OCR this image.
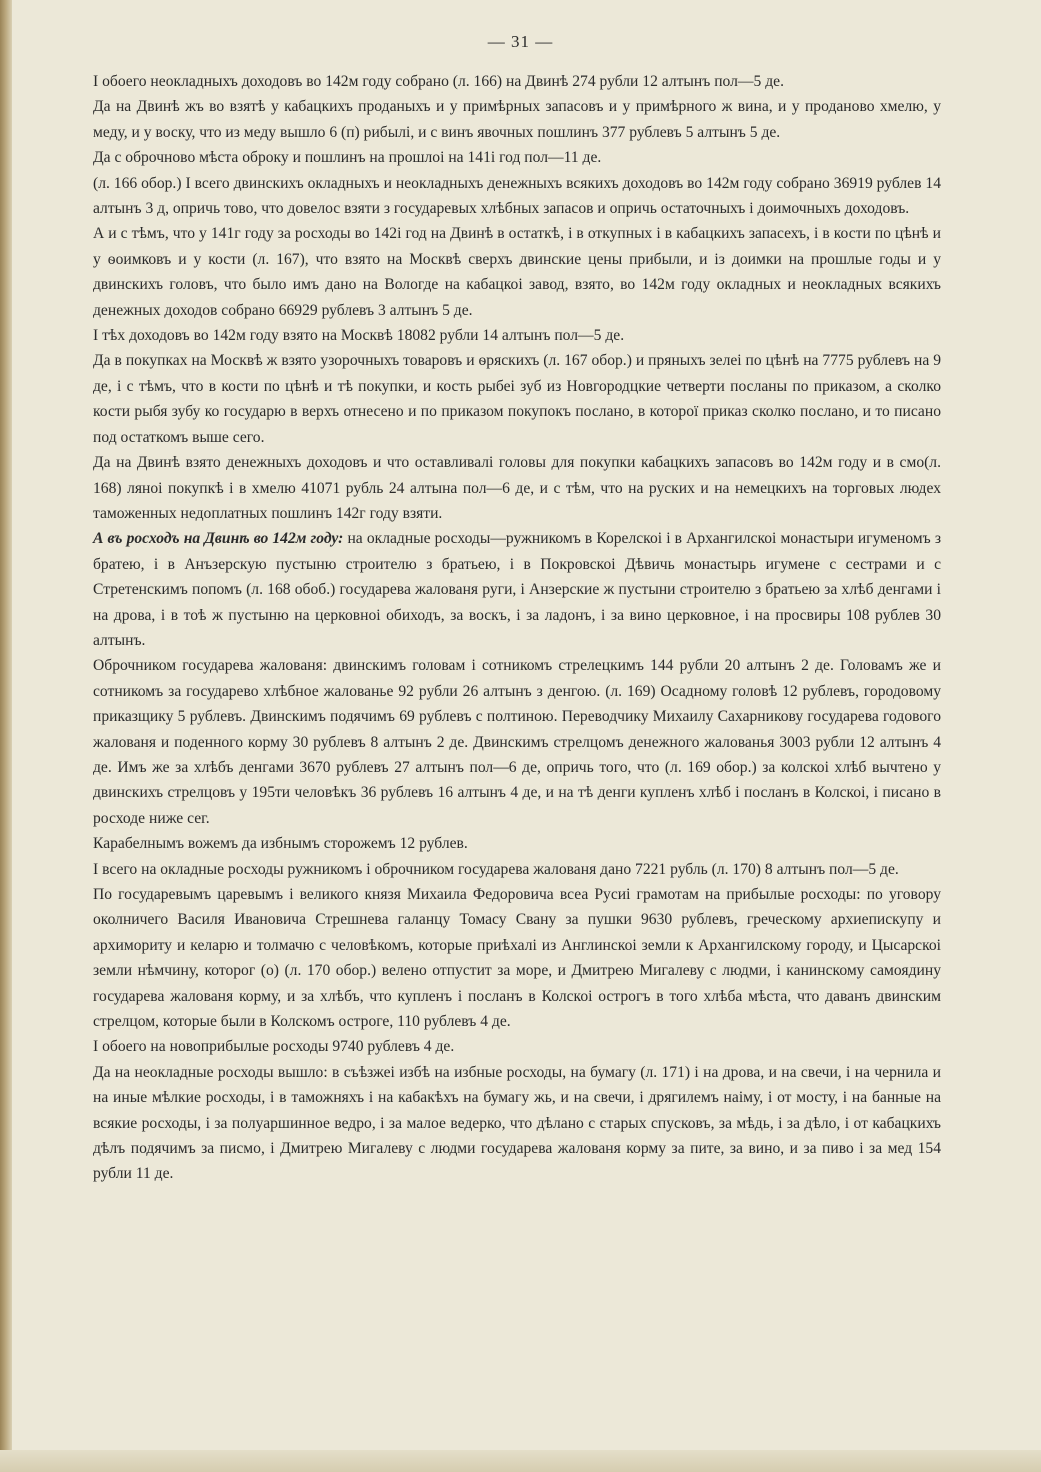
— 31 —

I обоего неокладныхъ доходовъ во 142м году собрано (л. 166) на Двинѣ 274 рубли 12 алтынъ пол—5 де.

Да на Двинѣ жъ во взятѣ у кабацкихъ проданыхъ и у примѣрных запасовъ и у примѣрного ж вина, и у проданово хмелю, у меду, и у воску, что из меду вышло 6 (п) рибылі, и с винъ явочных пошлинъ 377 рублевъ 5 алтынъ 5 де.

Да с оброчново мѣста оброку и пошлинъ на прошлоі на 141і год пол—11 де.

(л. 166 обор.) I всего двинскихъ окладныхъ и неокладныхъ денежныхъ всякихъ доходовъ во 142м году собрано 36919 рублев 14 алтынъ 3 д, опричь тово, что довелос взяти з государевых хлѣбных запасов и опричь остаточныхъ і доимочныхъ доходовъ.

А и с тѣмъ, что у 141г году за росходы во 142і год на Двинѣ в остаткѣ, і в откупных і в кабацкихъ запасехъ, і в кости по цѣнѣ и у ѳоимковъ и у кости (л. 167), что взято на Москвѣ сверхъ двинскиe цены прибыли, и із доимки на прошлые годы и у двинскихъ головъ, что было имъ дано на Вологде на кабацкоі завод, взято, во 142м году окладных и неокладных всякихъ денежных доходов собрано 66929 рублевъ 3 алтынъ 5 де.

I тѣх доходовъ во 142м году взято на Москвѣ 18082 рубли 14 алтынъ пол—5 де.

Да в покупках на Москвѣ ж взято узорочныхъ товаровъ и ѳряскихъ (л. 167 обор.) и пряныхъ зелеі по цѣнѣ на 7775 рублевъ на 9 де, і с тѣмъ, что в кости по цѣнѣ и тѣ покупки, и кость рыбеі зуб из Новгородцкие четверти посланы по приказом, а сколко кости рыбя зубу ко государю в верхъ отнесено и по приказом покупокъ послано, в которої приказ сколко послано, и то писано под остаткомъ выше сего.

Да на Двинѣ взято денежныхъ доходовъ и что оставливалі головы для покупки кабацкихъ запасовъ во 142м году и в смо(л. 168) ляноі покупкѣ і в хмелю 41071 рубль 24 алтына пол—6 де, и с тѣм, что на руских и на немецкихъ на торговых людех таможенных недоплатных пошлинъ 142г году взяти.

А въ росходъ на Двинѣ во 142м году: на окладные росходы—ружникомъ в Корелскоі і в Архангилскоі монастыри игуменомъ з братею, і в Анъзерскую пустыню строителю з братьею, і в Покровскоі Дѣвичь монастырь игумене с сестрами и с Стретенскимъ попомъ (л. 168 обоб.) государева жалованя руги, і Анзерские ж пустыни строителю з братьею за хлѣб денгами і на дрова, і в тоѣ ж пустыню на церковноі обиходъ, за воскъ, і за ладонъ, і за вино церковное, і на просвиры 108 рублев 30 алтынъ.

Оброчником государева жалованя: двинскимъ головам і сотникомъ стрелецкимъ 144 рубли 20 алтынъ 2 де. Головамъ же и сотникомъ за государево хлѣбное жалованье 92 рубли 26 алтынъ з денгою. (л. 169) Осадному головѣ 12 рублевъ, городовому приказщику 5 рублевъ. Двинскимъ подячимъ 69 рублевъ с полтиною. Переводчику Михаилу Сахарникову государева годового жалованя и поденного корму 30 рублевъ 8 алтынъ 2 де. Двинскимъ стрелцомъ денежного жалованья 3003 рубли 12 алтынъ 4 де. Имъ же за хлѣбъ денгами 3670 рублевъ 27 алтынъ пол—6 де, опричь того, что (л. 169 обор.) за колскоі хлѣб вычтено у двинскихъ стрелцовъ у 195ти человѣкъ 36 рублевъ 16 алтынъ 4 де, и на тѣ денги купленъ хлѣб і посланъ в Колскоі, і писано в росходе ниже сег.

Карабелнымъ вожемъ да избнымъ сторожемъ 12 рублев.

I всего на окладные росходы ружникомъ і оброчником государева жалованя дано 7221 рубль (л. 170) 8 алтынъ пол—5 де.

По государевымъ царевымъ і великого князя Михаила Федоровича всеа Русиі грамотам на прибылые росходы: по уговору околничего Василя Ивановича Стрешнева галанцу Томасу Свану за пушки 9630 рублевъ, греческому архиепискупу и архимориту и келарю и толмачю с человѣкомъ, которые приѣхалі из Англинскоі земли к Архангилскому городу, и Цысарскоі земли нѣмчину, которог (о) (л. 170 обор.) велено отпустит за море, и Дмитрею Мигалеву с людми, і канинскому самоядину государева жалованя корму, и за хлѣбъ, что купленъ і посланъ в Колскоі острогъ в того хлѣба мѣста, что даванъ двинским стрелцом, которые были в Колскомъ остроге, 110 рублевъ 4 де.

I обоего на новоприбылые росходы 9740 рублевъ 4 де.

Да на неокладные росходы вышло: в съѣзжеі избѣ на избные росходы, на бумагу (л. 171) і на дрова, и на свечи, і на чернила и на иные мѣлкие росходы, і в таможняхъ і на кабакѣхъ на бумагу жь, и на свечи, і дрягилемъ наіму, і от мосту, і на банные на всякие росходы, і за полуаршинное ведро, і за малое ведерко, что дѣлано с старых спусковъ, за мѣдь, і за дѣло, і от кабацкихъ дѣлъ подячимъ за писмо, і Дмитрею Мигалеву с людми государева жалованя корму за пите, за вино, и за пиво і за мед 154 рубли 11 де.
